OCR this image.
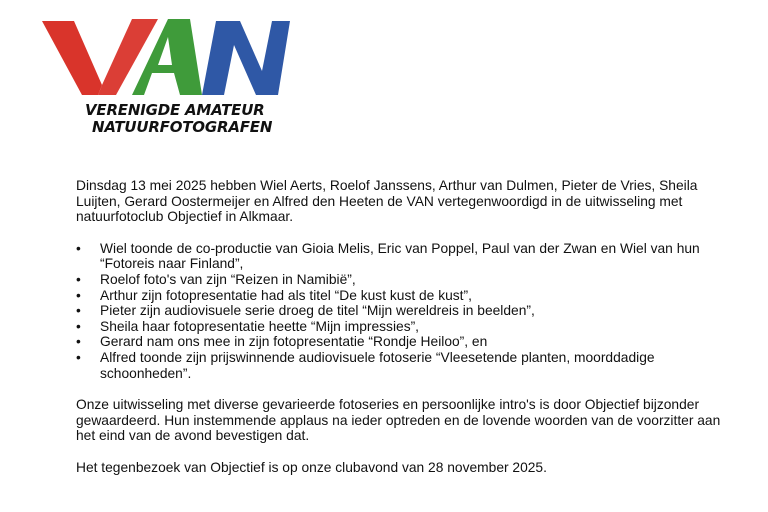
VERENIGDE AMATEUR
NATUURFOTOGRAFEN

Dinsdag 13 mei 2025 hebben Wiel Aerts, Roelof Janssens, Arthur van Dulmen, Pieter de Vries, Sheila Luijten, Gerard Oostermeijer en Alfred den Heeten de VAN vertegenwoordigd in de uitwisseling met natuurfotoclub Objectief in Alkmaar.

• Wiel toonde de co-productie van Gioia Melis, Eric van Poppel, Paul van der Zwan en Wiel van hun “Fotoreis naar Finland”,
• Roelof foto's van zijn “Reizen in Namibië”,
• Arthur zijn fotopresentatie had als titel “De kust kust de kust”,
• Pieter zijn audiovisuele serie droeg de titel “Mijn wereldreis in beelden”,
• Sheila haar fotopresentatie heette “Mijn impressies”,
• Gerard nam ons mee in zijn fotopresentatie “Rondje Heiloo”, en
• Alfred toonde zijn prijswinnende audiovisuele fotoserie “Vleesetende planten, moorddadige schoonheden”.

Onze uitwisseling met diverse gevarieerde fotoseries en persoonlijke intro's is door Objectief bijzonder gewaardeerd. Hun instemmende applaus na ieder optreden en de lovende woorden van de voorzitter aan het eind van de avond bevestigen dat.

Het tegenbezoek van Objectief is op onze clubavond van 28 november 2025.
